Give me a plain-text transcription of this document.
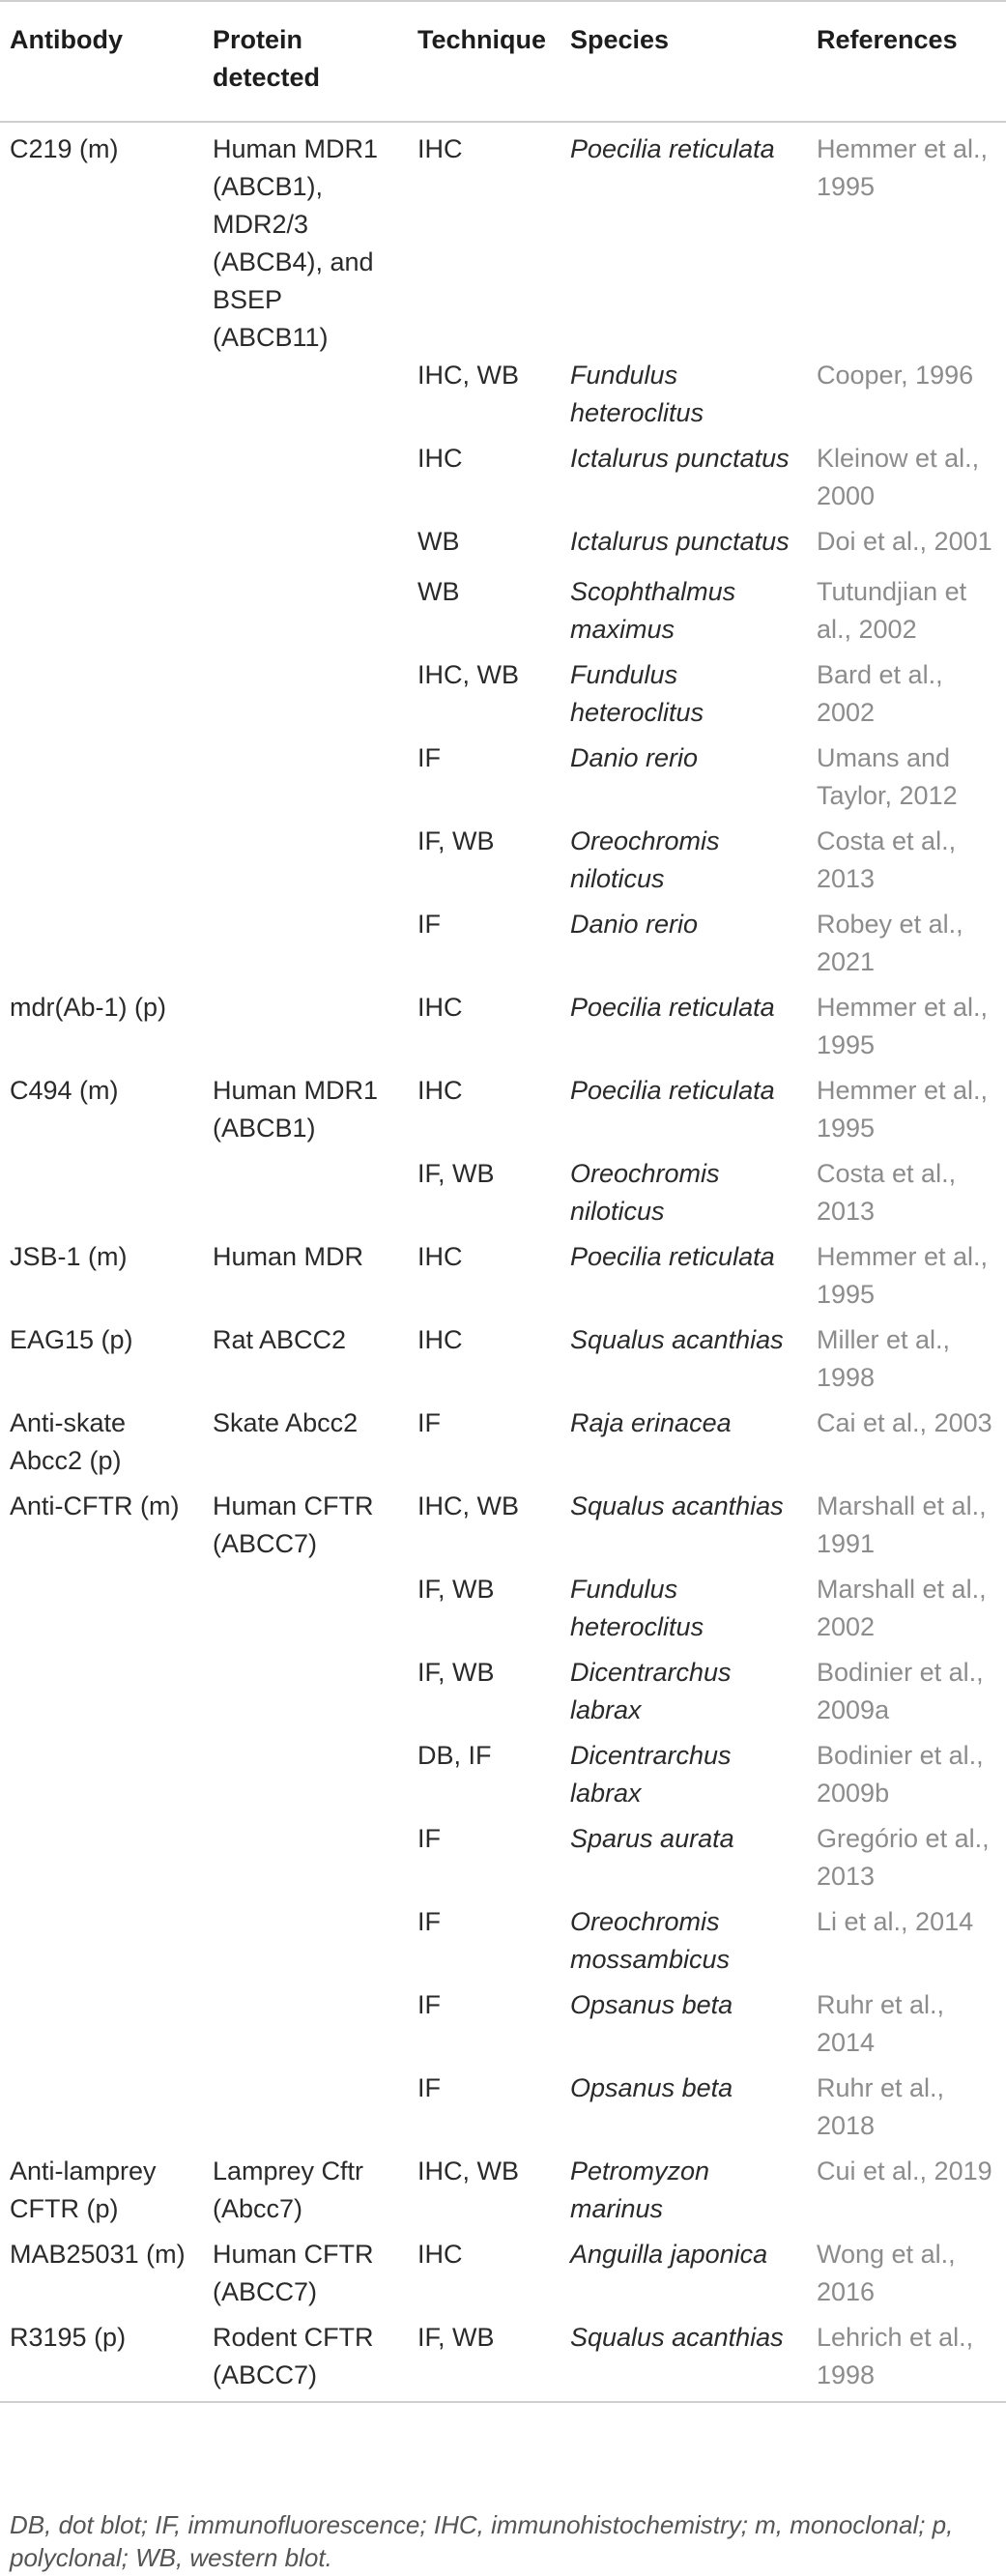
Antibody	Protein detected	Technique	Species	References
C219 (m)	Human MDR1 (ABCB1), MDR2/3 (ABCB4), and BSEP (ABCB11)	IHC	Poecilia reticulata	Hemmer et al., 1995
		IHC, WB	Fundulus heteroclitus	Cooper, 1996
		IHC	Ictalurus punctatus	Kleinow et al., 2000
		WB	Ictalurus punctatus	Doi et al., 2001
		WB	Scophthalmus maximus	Tutundjian et al., 2002
		IHC, WB	Fundulus heteroclitus	Bard et al., 2002
		IF	Danio rerio	Umans and Taylor, 2012
		IF, WB	Oreochromis niloticus	Costa et al., 2013
		IF	Danio rerio	Robey et al., 2021
mdr(Ab-1) (p)		IHC	Poecilia reticulata	Hemmer et al., 1995
C494 (m)	Human MDR1 (ABCB1)	IHC	Poecilia reticulata	Hemmer et al., 1995
		IF, WB	Oreochromis niloticus	Costa et al., 2013
JSB-1 (m)	Human MDR	IHC	Poecilia reticulata	Hemmer et al., 1995
EAG15 (p)	Rat ABCC2	IHC	Squalus acanthias	Miller et al., 1998
Anti-skate Abcc2 (p)	Skate Abcc2	IF	Raja erinacea	Cai et al., 2003
Anti-CFTR (m)	Human CFTR (ABCC7)	IHC, WB	Squalus acanthias	Marshall et al., 1991
		IF, WB	Fundulus heteroclitus	Marshall et al., 2002
		IF, WB	Dicentrarchus labrax	Bodinier et al., 2009a
		DB, IF	Dicentrarchus labrax	Bodinier et al., 2009b
		IF	Sparus aurata	Gregório et al., 2013
		IF	Oreochromis mossambicus	Li et al., 2014
		IF	Opsanus beta	Ruhr et al., 2014
		IF	Opsanus beta	Ruhr et al., 2018
Anti-lamprey CFTR (p)	Lamprey Cftr (Abcc7)	IHC, WB	Petromyzon marinus	Cui et al., 2019
MAB25031 (m)	Human CFTR (ABCC7)	IHC	Anguilla japonica	Wong et al., 2016
R3195 (p)	Rodent CFTR (ABCC7)	IF, WB	Squalus acanthias	Lehrich et al., 1998
DB, dot blot; IF, immunofluorescence; IHC, immunohistochemistry; m, monoclonal; p, polyclonal; WB, western blot.
